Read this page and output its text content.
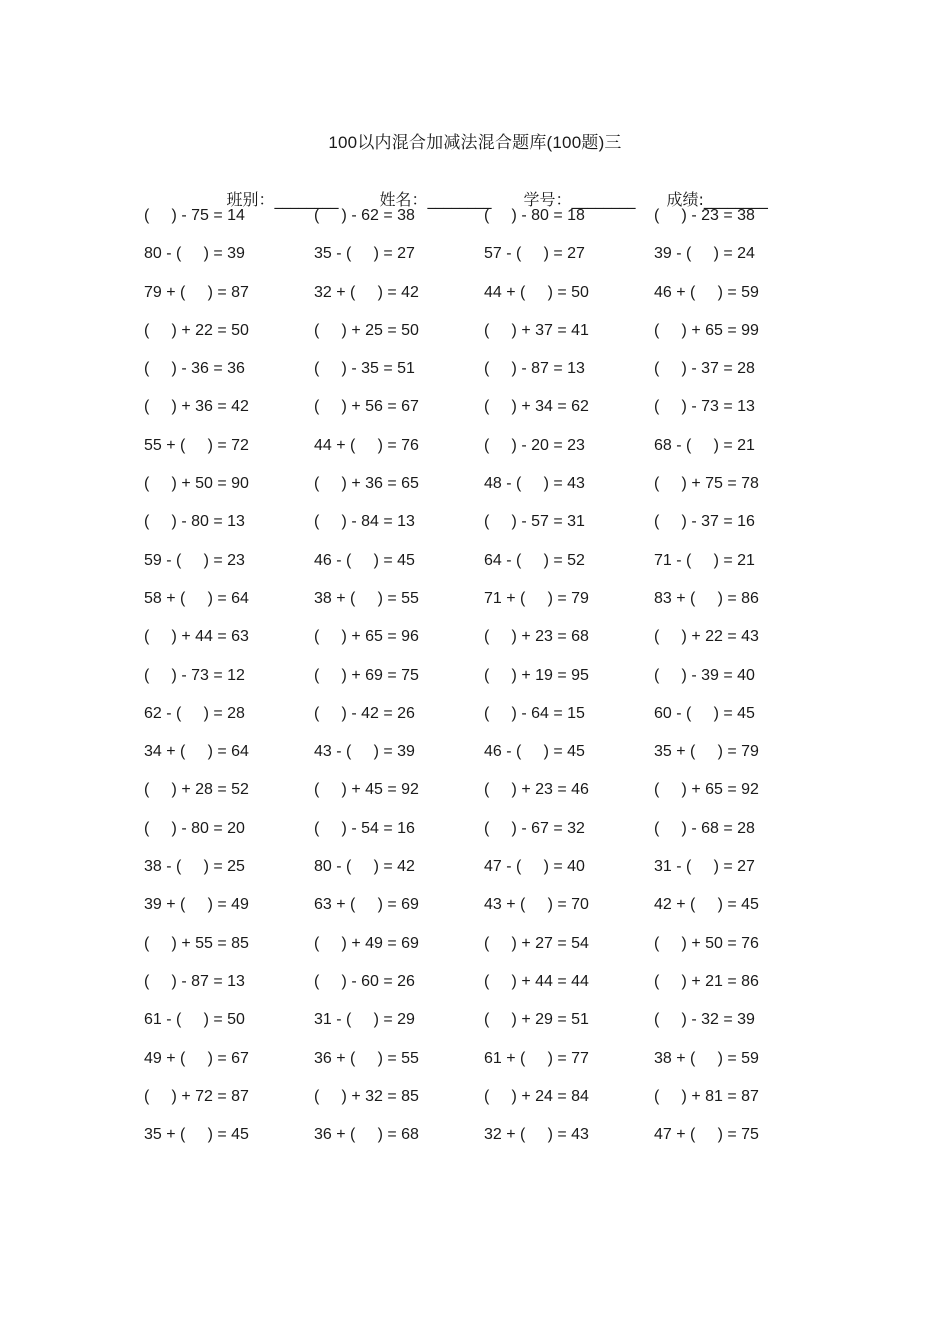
100以内混合加减法混合题库(100题)三

班别：________
	姓名：________
	学号：________
	成绩:________

(     ) - 75 = 14	(     ) - 62 = 38	(     ) - 80 = 18	(     ) - 23 = 38
80 - (     ) = 39	35 - (     ) = 27	57 - (     ) = 27	39 - (     ) = 24
79 + (     ) = 87	32 + (     ) = 42	44 + (     ) = 50	46 + (     ) = 59
(     ) + 22 = 50	(     ) + 25 = 50	(     ) + 37 = 41	(     ) + 65 = 99
(     ) - 36 = 36	(     ) - 35 = 51	(     ) - 87 = 13	(     ) - 37 = 28
(     ) + 36 = 42	(     ) + 56 = 67	(     ) + 34 = 62	(     ) - 73 = 13
55 + (     ) = 72	44 + (     ) = 76	(     ) - 20 = 23	68 - (     ) = 21
(     ) + 50 = 90	(     ) + 36 = 65	48 - (     ) = 43	(     ) + 75 = 78
(     ) - 80 = 13	(     ) - 84 = 13	(     ) - 57 = 31	(     ) - 37 = 16
59 - (     ) = 23	46 - (     ) = 45	64 - (     ) = 52	71 - (     ) = 21
58 + (     ) = 64	38 + (     ) = 55	71 + (     ) = 79	83 + (     ) = 86
(     ) + 44 = 63	(     ) + 65 = 96	(     ) + 23 = 68	(     ) + 22 = 43
(     ) - 73 = 12	(     ) + 69 = 75	(     ) + 19 = 95	(     ) - 39 = 40
62 - (     ) = 28	(     ) - 42 = 26	(     ) - 64 = 15	60 - (     ) = 45
34 + (     ) = 64	43 - (     ) = 39	46 - (     ) = 45	35 + (     ) = 79
(     ) + 28 = 52	(     ) + 45 = 92	(     ) + 23 = 46	(     ) + 65 = 92
(     ) - 80 = 20	(     ) - 54 = 16	(     ) - 67 = 32	(     ) - 68 = 28
38 - (     ) = 25	80 - (     ) = 42	47 - (     ) = 40	31 - (     ) = 27
39 + (     ) = 49	63 + (     ) = 69	43 + (     ) = 70	42 + (     ) = 45
(     ) + 55 = 85	(     ) + 49 = 69	(     ) + 27 = 54	(     ) + 50 = 76
(     ) - 87 = 13	(     ) - 60 = 26	(     ) + 44 = 44	(     ) + 21 = 86
61 - (     ) = 50	31 - (     ) = 29	(     ) + 29 = 51	(     ) - 32 = 39
49 + (     ) = 67	36 + (     ) = 55	61 + (     ) = 77	38 + (     ) = 59
(     ) + 72 = 87	(     ) + 32 = 85	(     ) + 24 = 84	(     ) + 81 = 87
35 + (     ) = 45	36 + (     ) = 68	32 + (     ) = 43	47 + (     ) = 75
